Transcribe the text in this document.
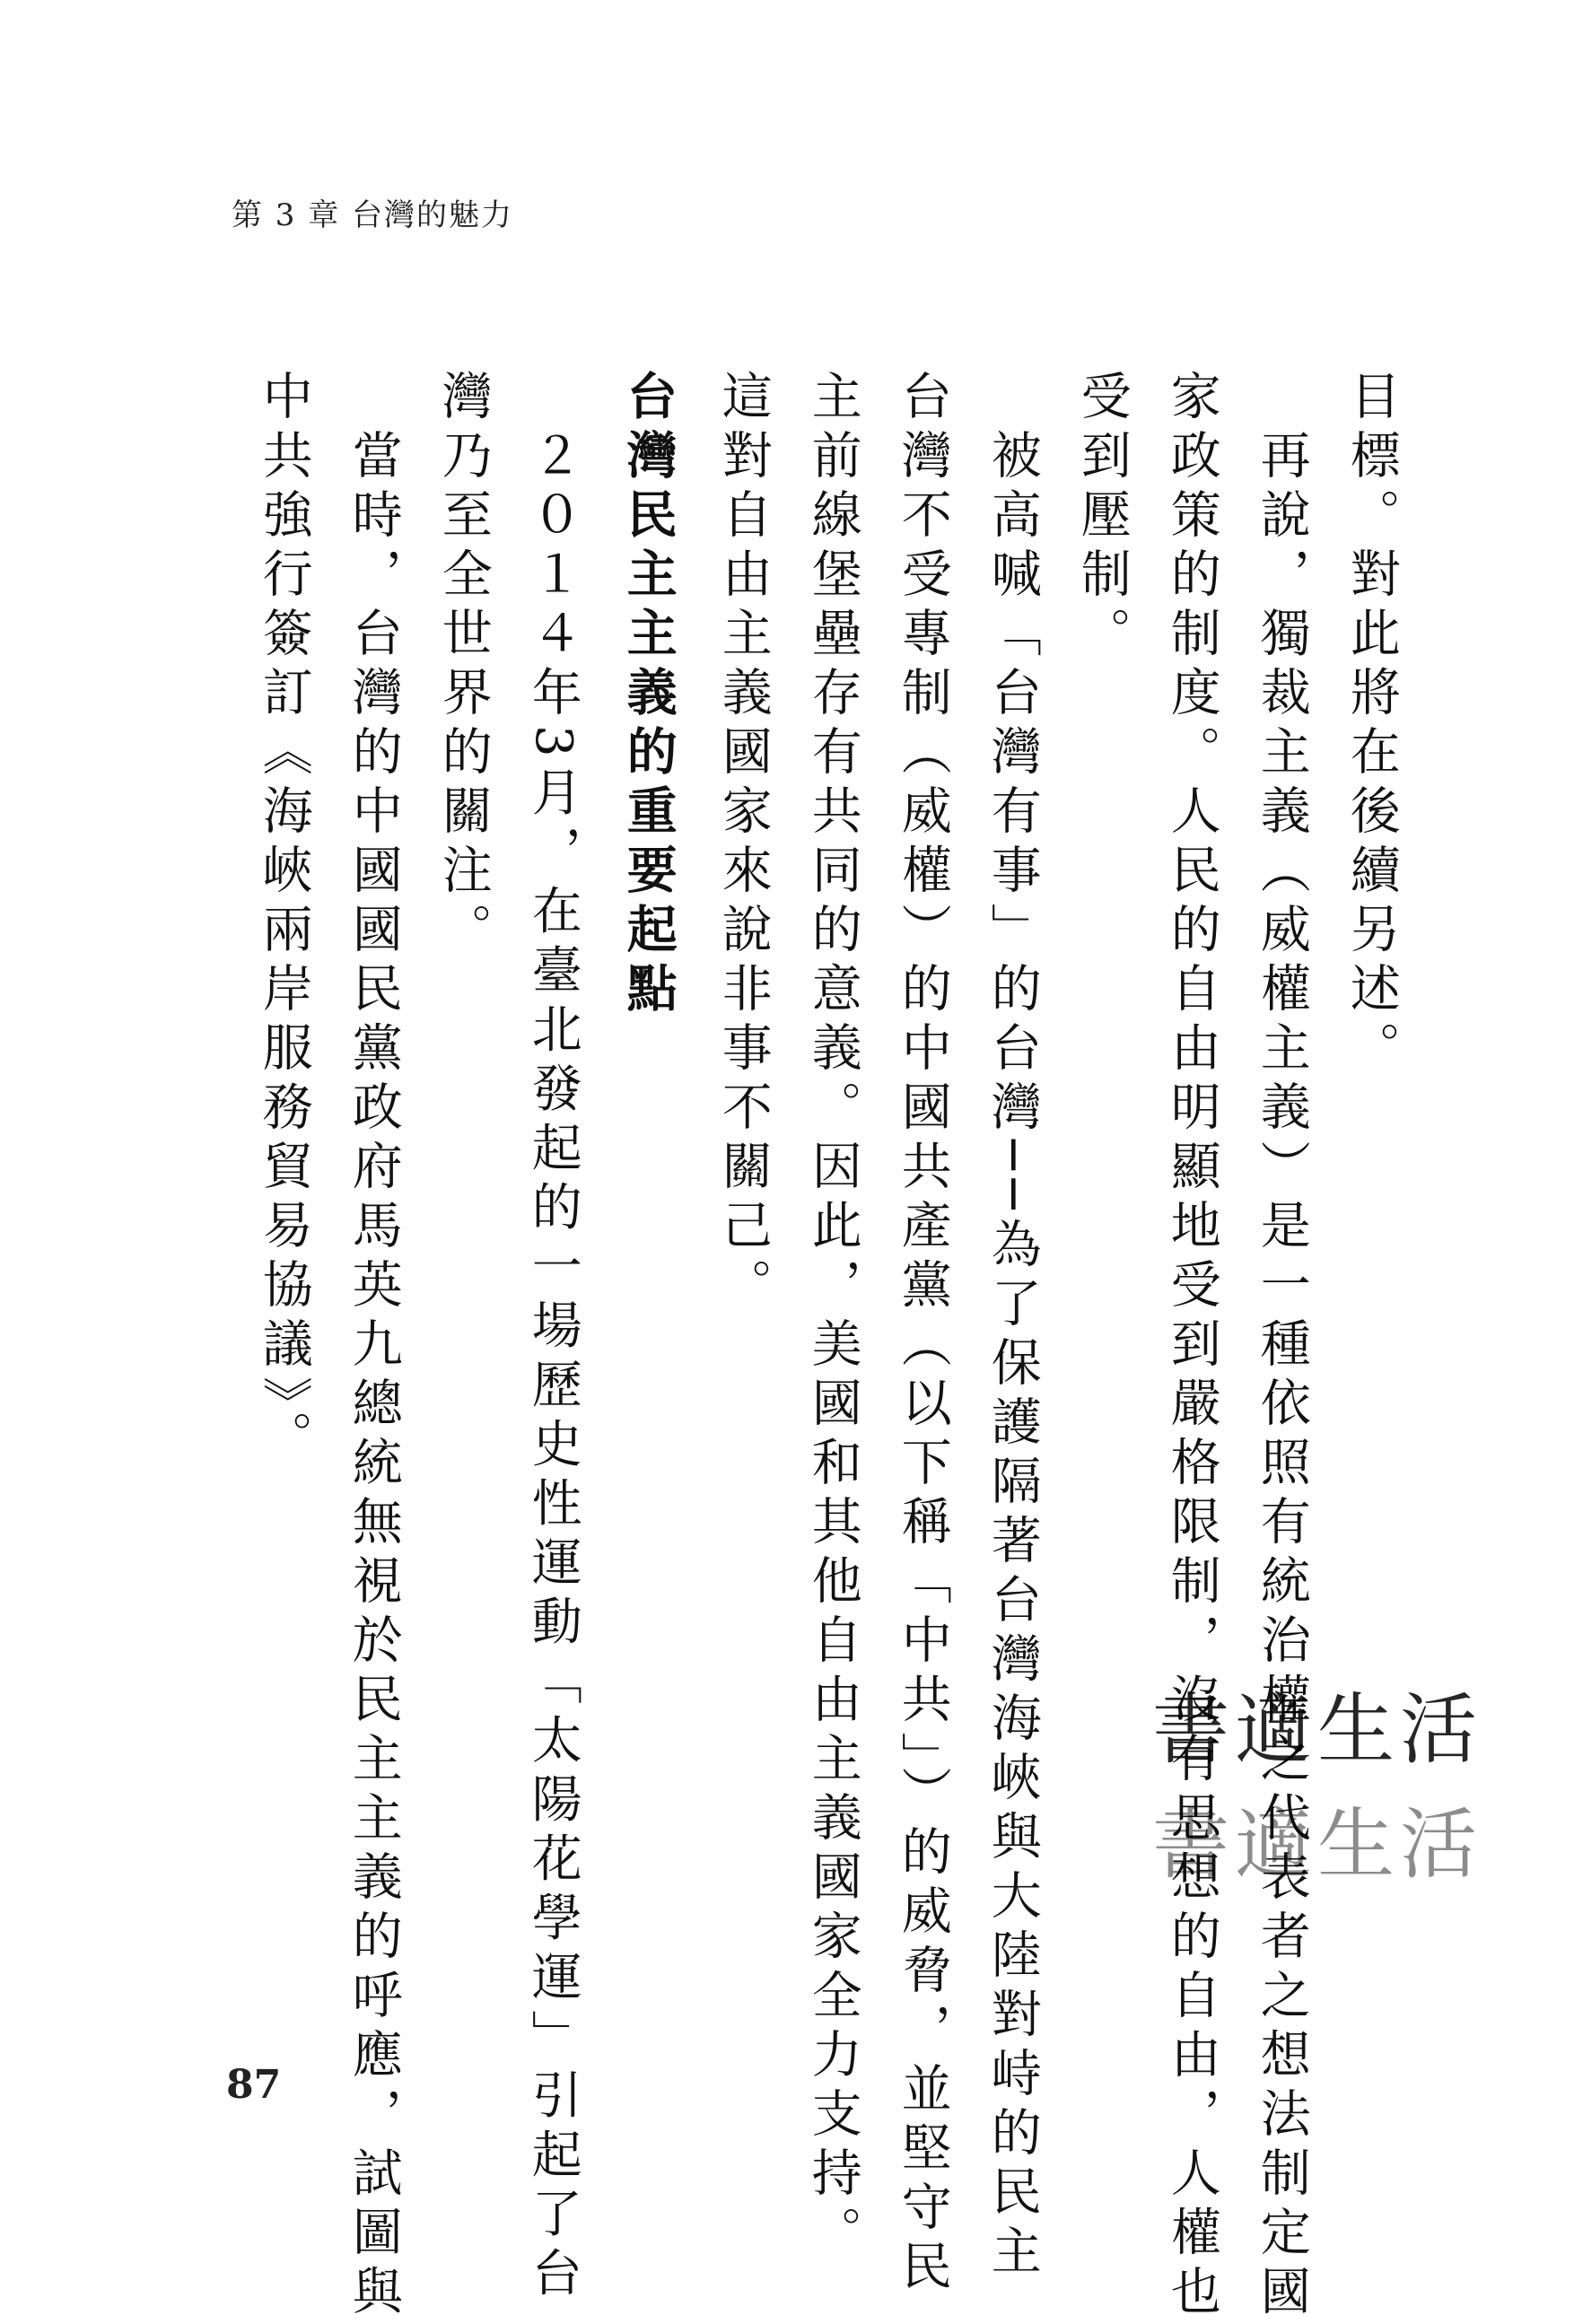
第 3 章 台灣的魅力
目標。對此將在後續另述。
　再說，獨裁主義（威權主義）是一種依照有統治權之代表者之想法制定國
家政策的制度。人民的自由明顯地受到嚴格限制，沒有思想的自由，人權也
受到壓制。
　被高喊「台灣有事」的台灣──為了保護隔著台灣海峽與大陸對峙的民主
台灣不受專制（威權）的中國共產黨（以下稱「中共」）的威脅，並堅守民
主前線堡壘存有共同的意義。因此，美國和其他自由主義國家全力支持。
這對自由主義國家來說非事不關己。
台灣民主主義的重要起點
　２０１４年3月，在臺北發起的一場歷史性運動「太陽花學運」引起了台
灣乃至全世界的關注。
　當時，台灣的中國國民黨政府馬英九總統無視於民主主義的呼應，試圖與
中共強行簽訂《海峽兩岸服務貿易協議》。
書適生活
書適生活
87
